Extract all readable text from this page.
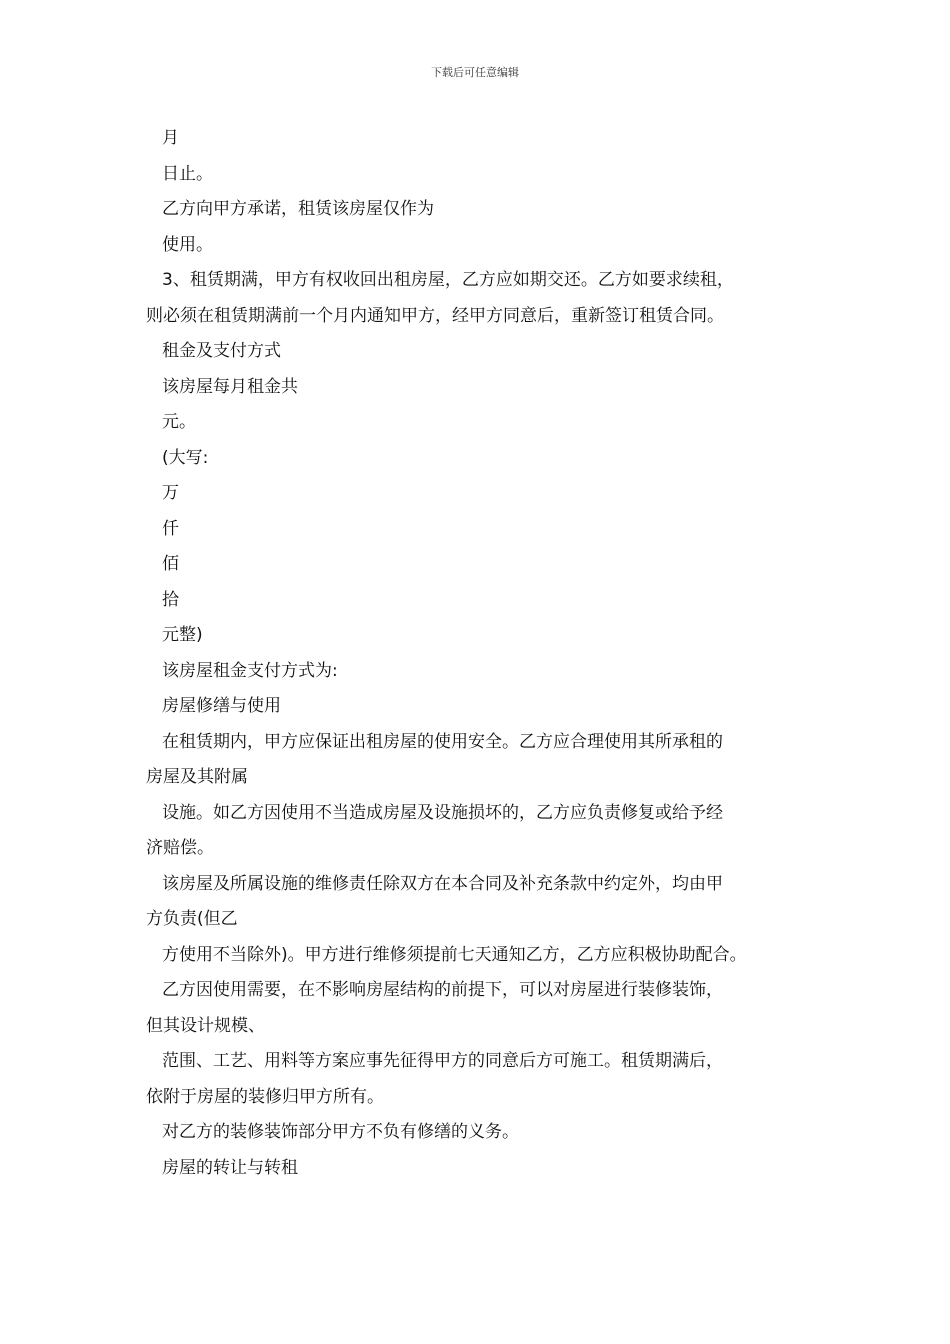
下载后可任意编辑

月

日止。

乙方向甲方承诺，租赁该房屋仅作为

使用。

3、租赁期满，甲方有权收回出租房屋，乙方应如期交还。乙方如要求续租，

则必须在租赁期满前一个月内通知甲方，经甲方同意后，重新签订租赁合同。

租金及支付方式

该房屋每月租金共

元。

(大写:

万

仟

佰

拾

元整)

该房屋租金支付方式为:

房屋修缮与使用

在租赁期内，甲方应保证出租房屋的使用安全。乙方应合理使用其所承租的

房屋及其附属

设施。如乙方因使用不当造成房屋及设施损坏的，乙方应负责修复或给予经

济赔偿。

该房屋及所属设施的维修责任除双方在本合同及补充条款中约定外，均由甲

方负责(但乙

方使用不当除外)。甲方进行维修须提前七天通知乙方，乙方应积极协助配合。

乙方因使用需要，在不影响房屋结构的前提下，可以对房屋进行装修装饰，

但其设计规模、

范围、工艺、用料等方案应事先征得甲方的同意后方可施工。租赁期满后，

依附于房屋的装修归甲方所有。

对乙方的装修装饰部分甲方不负有修缮的义务。

房屋的转让与转租
